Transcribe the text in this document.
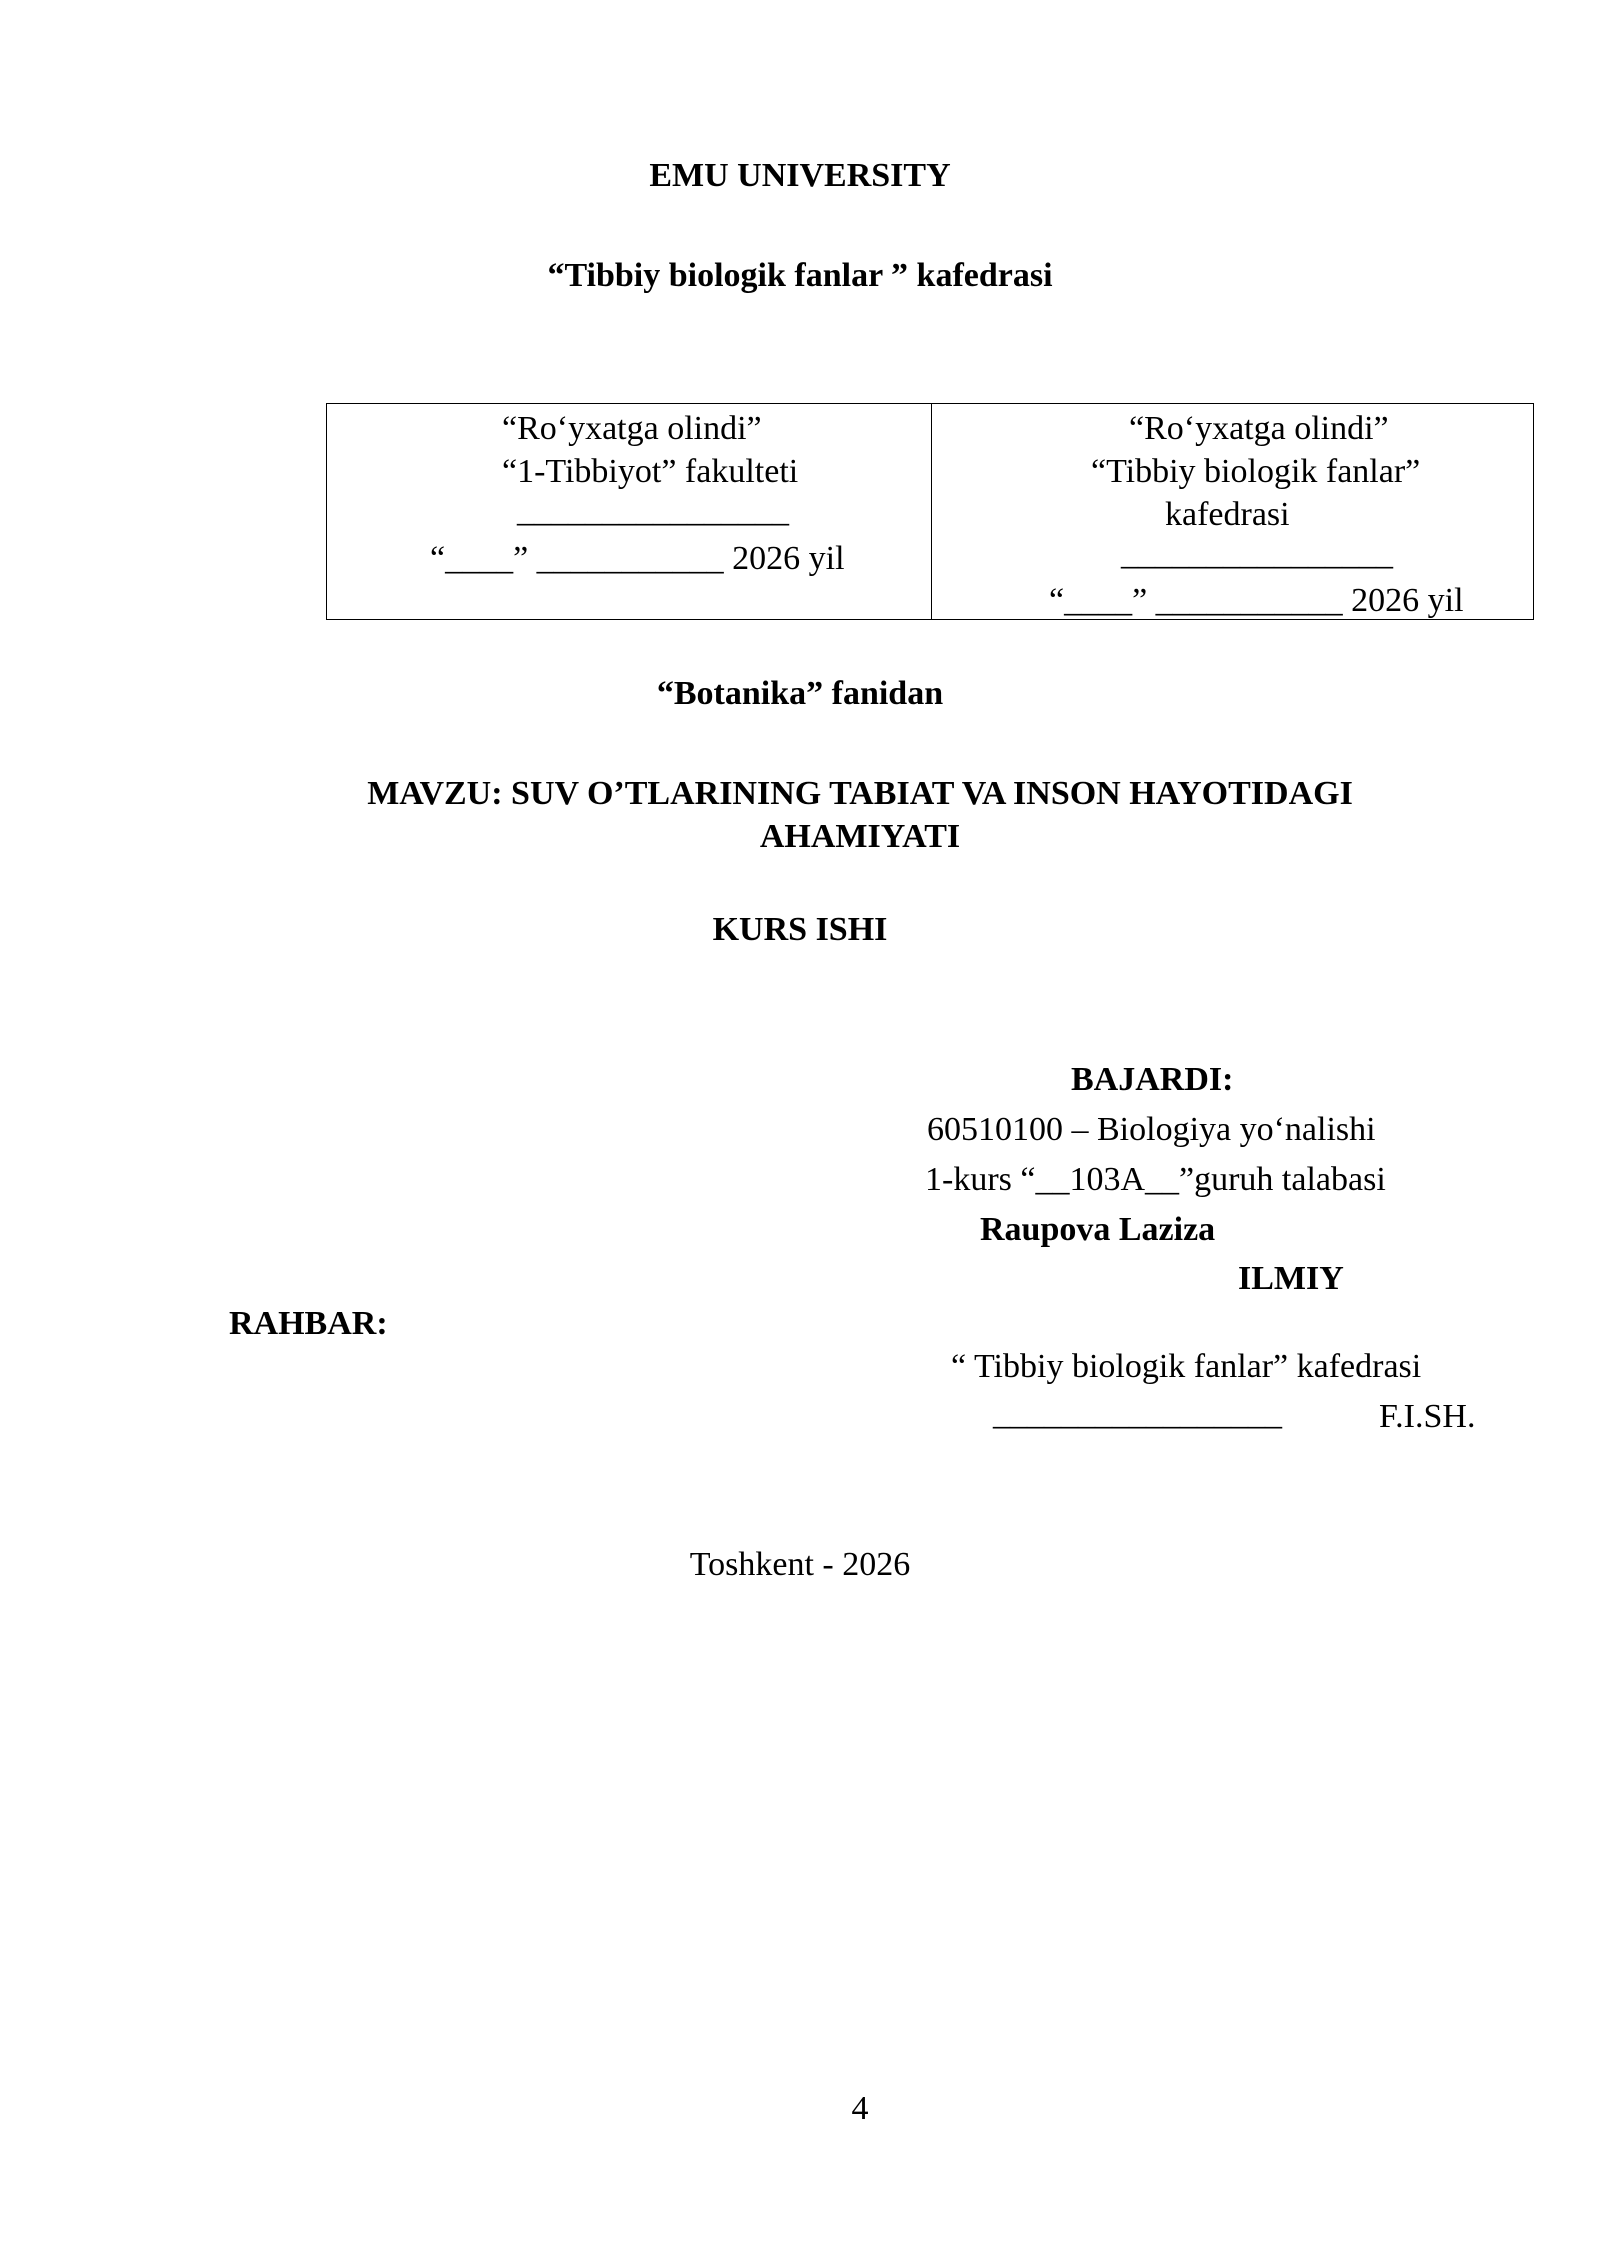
EMU UNIVERSITY
“Tibbiy biologik fanlar ” kafedrasi
“Ro‘yxatga olindi”
“1-Tibbiyot” fakulteti
________________
“____” ___________ 2026 yil
“Ro‘yxatga olindi”
“Tibbiy biologik fanlar”
kafedrasi
________________
“____” ___________ 2026 yil
“Botanika” fanidan
MAVZU: SUV O’TLARINING TABIAT VA INSON HAYOTIDAGI
AHAMIYATI
KURS ISHI
BAJARDI:
60510100 – Biologiya yo‘nalishi
1-kurs “__103A__”guruh talabasi
Raupova Laziza
ILMIY
RAHBAR:
“ Tibbiy biologik fanlar” kafedrasi
_________________	F.I.SH.
Toshkent - 2026
4
